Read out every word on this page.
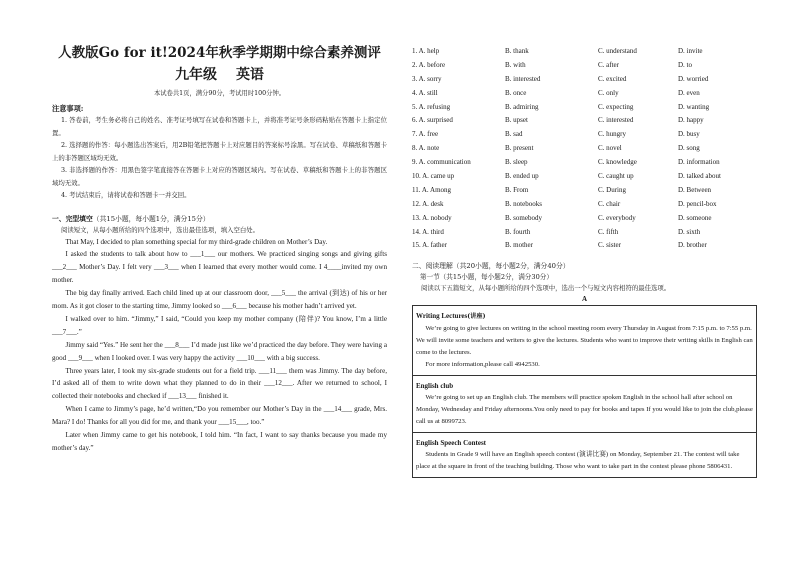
人教版Go for it!2024年秋季学期期中综合素养测评
九年级 英语
本试卷共1页，满分90分，考试用时100分钟。
注意事项:

1. 答卷前，考生务必将自己的姓名、准考证号填写在试卷和答题卡上，并将准考证号条形码粘贴在答题卡上指定位置。

2. 选择题的作答：每小题选出答案后，用2B铅笔把答题卡上对应题目的答案标号涂黑。写在试卷、草稿纸和答题卡上的非答题区域均无效。

3. 非选择题的作答：用黑色签字笔直接答在答题卡上对应的答题区域内。写在试卷、草稿纸和答题卡上的非答题区域均无效。

4. 考试结束后，请将试卷和答题卡一并交回。

一、完型填空（共15小题，每小题1分，满分15分）
阅读短文，从每小题所给的四个选项中，选出最佳选项，填入空白处。

That May, I decided to plan something special for my third-grade children on Mother’s Day.

I asked the students to talk about how to ___1___ our mothers. We practiced singing songs and giving gifts ___2___ Mother’s Day. I felt very ___3___ when I learned that every mother would come. I 4____invited my own mother.

The big day finally arrived. Each child lined up at our classroom door, ___5___ the arrival (到达) of his or her mom. As it got closer to the starting time, Jimmy looked so ___6___ because his mother hadn’t arrived yet.

I walked over to him. “Jimmy,” I said, “Could you keep my mother company (陪伴)? You know, I’m a little ___7___.”

Jimmy said “Yes.” He sent her the ___8___ I’d made just like we’d practiced the day before. They were having a good ___9___ when I looked over. I was very happy the activity ___10___ with a big success.

Three years later, I took my six-grade students out for a field trip. ___11___ them was Jimmy. The day before, I’d asked all of them to write down what they planned to do in their ___12___. After we returned to school, I collected their notebooks and checked if ___13___ finished it.

When I came to Jimmy’s page, he’d written,“Do you remember our Mother’s Day in the ___14___ grade, Mrs. Mara? I do! Thanks for all you did for me, and thank your ___15___, too.”

Later when Jimmy came to get his notebook, I told him. “In fact, I want to say thanks because you made my mother’s day.”

1. A. help	B. thank	C. understand	D. invite
2. A. before	B. with	C. after	D. to
3. A. sorry	B. interested	C. excited	D. worried
4. A. still	B. once	C. only	D. even
5. A. refusing	B. admiring	C. expecting	D. wanting
6. A. surprised	B. upset	C. interested	D. happy
7. A. free	B. sad	C. hungry	D. busy
8. A. note	B. present	C. novel	D. song
9. A. communication	B. sleep	C. knowledge	D. information
10. A. came up	B. ended up	C. caught up	D. talked about
11. A. Among	B. From	C. During	D. Between
12. A. desk	B. notebooks	C. chair	D. pencil-box
13. A. nobody	B. somebody	C. everybody	D. someone
14. A. third	B. fourth	C. fifth	D. sixth
15. A. father	B. mother	C. sister	D. brother
二、阅读理解（共20小题，每小题2分，满分40分）
第一节（共15小题，每小题2分，满分30分）
阅读以下五篇短文，从每小题所给的四个选项中，选出一个与短文内容相符的最佳选项。
A
Writing Lectures(讲座)

We’re going to give lectures on writing in the school meeting room every Thursday in August from 7:15 p.m. to 7:55 p.m. We will invite some teachers and writers to give the lectures. Students who want to improve their writing skills in English can come to the lectures.

For more information,please call 4942530.

English club

We’re going to set up an English club. The members will practice spoken English in the school hall after school on Monday, Wednesday and Friday afternoons.You only need to pay for books and tapes If you would like to join the club,please call us at 8099723.

English Speech Contest

Students in Grade 9 will have an English speech contest (演讲比赛) on Monday, September 21. The contest will take place at the square in front of the teaching building. Those who want to take part in the contest please phone 5806431.
